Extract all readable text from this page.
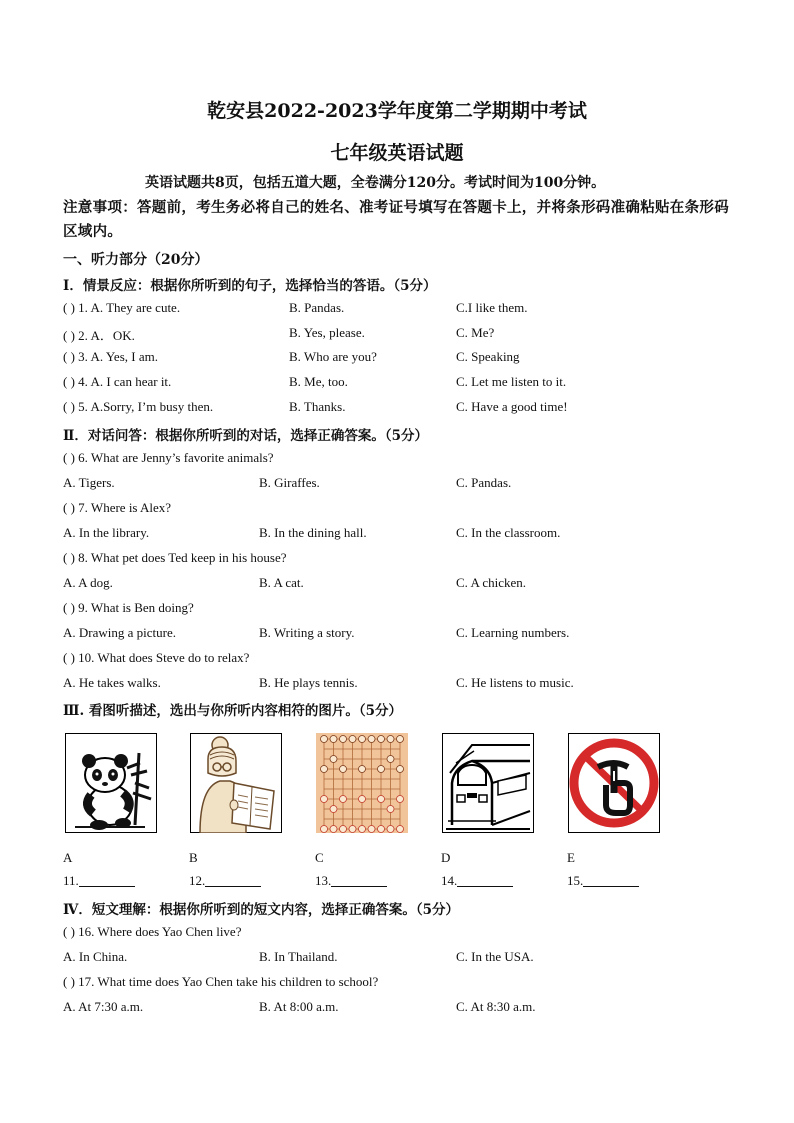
乾安县2022-2023学年度第二学期期中考试
七年级英语试题
英语试题共8页，包括五道大题，全卷满分120分。考试时间为100分钟。
注意事项：答题前，考生务必将自己的姓名、准考证号填写在答题卡上，并将条形码准确粘贴在条形码区域内。
一、听力部分（20分）
Ⅰ．情景反应：根据你所听到的句子，选择恰当的答语。（5分）
( ) 1. A. They are cute.	B. Pandas.	C.I like them.
( ) 2. A．OK.	B. Yes, please.	C. Me?
( ) 3. A. Yes, I am.	B. Who are you?	C. Speaking
( ) 4. A. I can hear it.	B. Me, too.	C. Let me listen to it.
( ) 5. A.Sorry, I’m busy then.	B. Thanks.	C. Have a good time!
Ⅱ．对话问答：根据你所听到的对话，选择正确答案。（5分）
( ) 6. What are Jenny’s favorite animals?
A. Tigers.	B. Giraffes.	C. Pandas.
( ) 7. Where is Alex?
A. In the library.	B. In the dining hall.	C. In the classroom.
( ) 8. What pet does Ted keep in his house?
A. A dog.	B. A cat.	C. A chicken.
( ) 9. What is Ben doing?
A. Drawing a picture.	B. Writing a story.	C. Learning numbers.
( ) 10. What does Steve do to relax?
A. He takes walks.	B. He plays tennis.	C. He listens to music.
Ⅲ. 看图听描述，选出与你所听内容相符的图片。（5分）
A	B	C	D	E
11.	12.	13.	14.	15.
Ⅳ．短文理解：根据你所听到的短文内容，选择正确答案。（5分）
( ) 16. Where does Yao Chen live?
A. In China.	B. In Thailand.	C. In the USA.
( ) 17. What time does Yao Chen take his children to school?
A. At 7:30 a.m.	B. At 8:00 a.m.	C. At 8:30 a.m.
